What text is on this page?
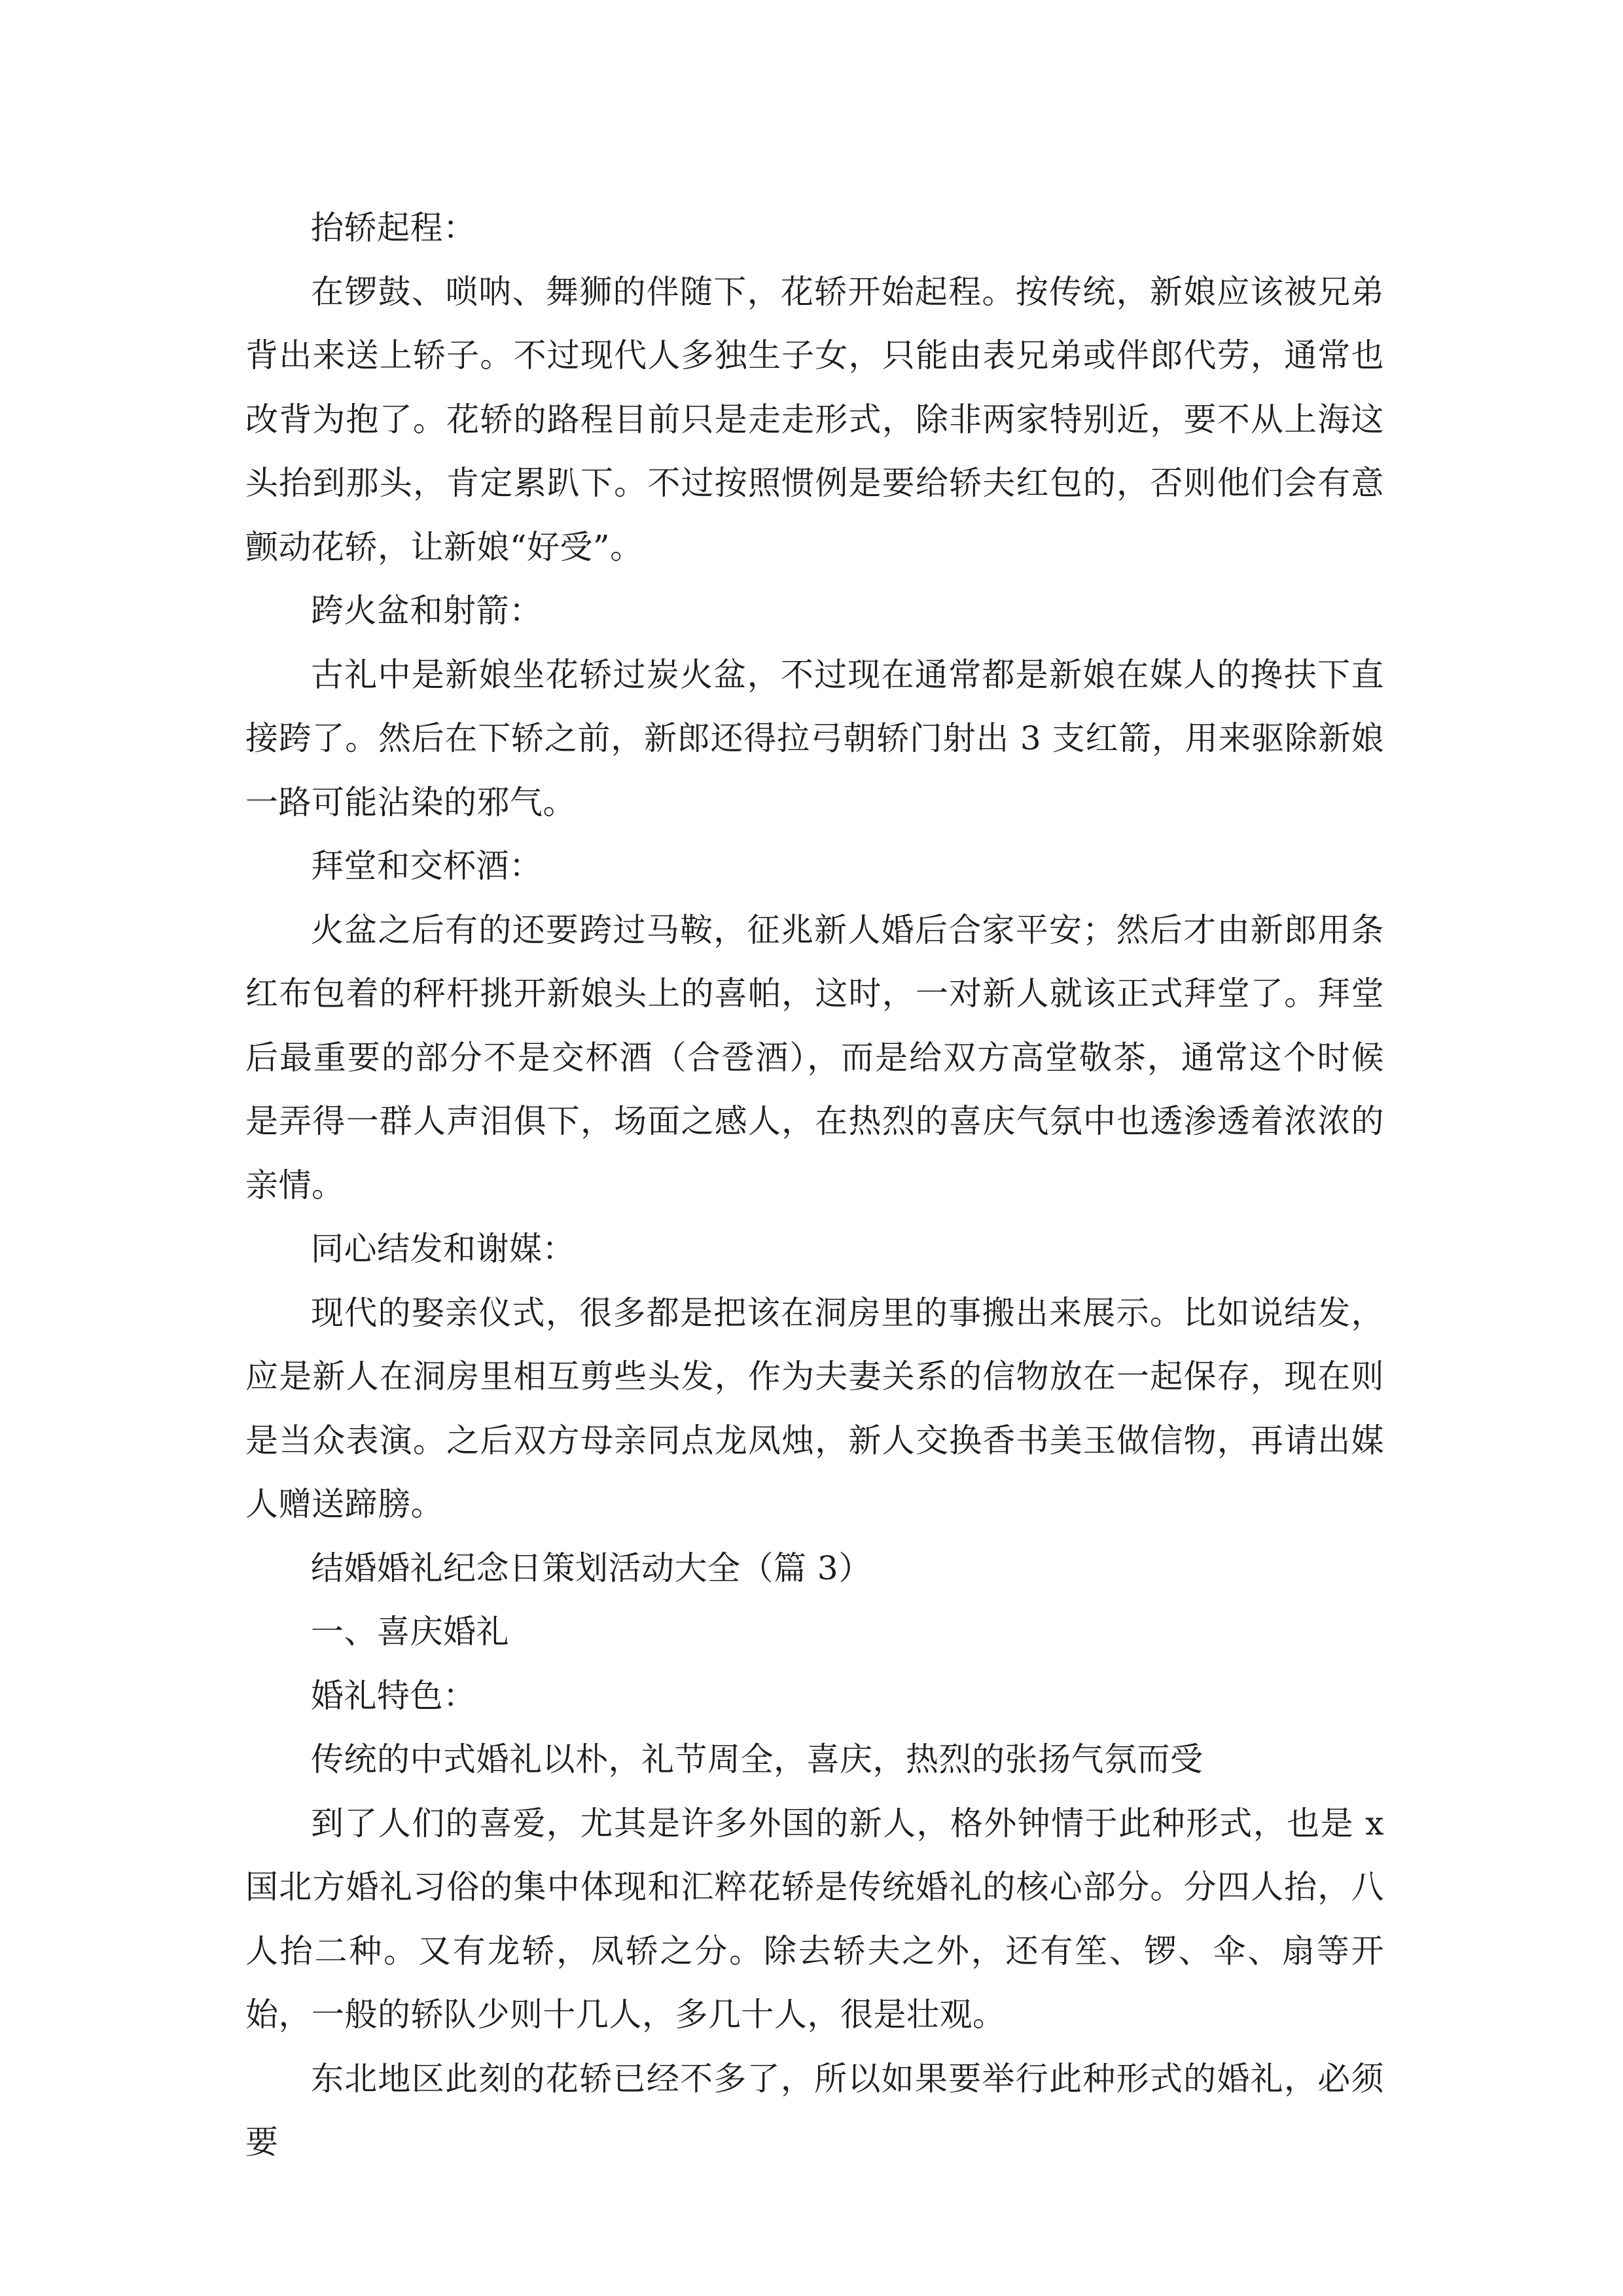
抬轿起程：

在锣鼓、唢呐、舞狮的伴随下，花轿开始起程。按传统，新娘应该被兄弟背出来送上轿子。不过现代人多独生子女，只能由表兄弟或伴郎代劳，通常也改背为抱了。花轿的路程目前只是走走形式，除非两家特别近，要不从上海这头抬到那头，肯定累趴下。不过按照惯例是要给轿夫红包的，否则他们会有意颤动花轿，让新娘“好受”。

跨火盆和射箭：

古礼中是新娘坐花轿过炭火盆，不过现在通常都是新娘在媒人的搀扶下直接跨了。然后在下轿之前，新郎还得拉弓朝轿门射出 3 支红箭，用来驱除新娘一路可能沾染的邪气。

拜堂和交杯酒：

火盆之后有的还要跨过马鞍，征兆新人婚后合家平安；然后才由新郎用条红布包着的秤杆挑开新娘头上的喜帕，这时，一对新人就该正式拜堂了。拜堂后最重要的部分不是交杯酒（合卺酒），而是给双方高堂敬茶，通常这个时候是弄得一群人声泪俱下，场面之感人，在热烈的喜庆气氛中也透渗透着浓浓的亲情。

同心结发和谢媒：

现代的娶亲仪式，很多都是把该在洞房里的事搬出来展示。比如说结发，应是新人在洞房里相互剪些头发，作为夫妻关系的信物放在一起保存，现在则是当众表演。之后双方母亲同点龙凤烛，新人交换香书美玉做信物，再请出媒人赠送蹄膀。

结婚婚礼纪念日策划活动大全（篇 3）

一、喜庆婚礼

婚礼特色：

传统的中式婚礼以朴，礼节周全，喜庆，热烈的张扬气氛而受

到了人们的喜爱，尤其是许多外国的新人，格外钟情于此种形式，也是 x 国北方婚礼习俗的集中体现和汇粹花轿是传统婚礼的核心部分。分四人抬，八人抬二种。又有龙轿，凤轿之分。除去轿夫之外，还有笙、锣、伞、扇等开始，一般的轿队少则十几人，多几十人，很是壮观。

东北地区此刻的花轿已经不多了，所以如果要举行此种形式的婚礼，必须要
